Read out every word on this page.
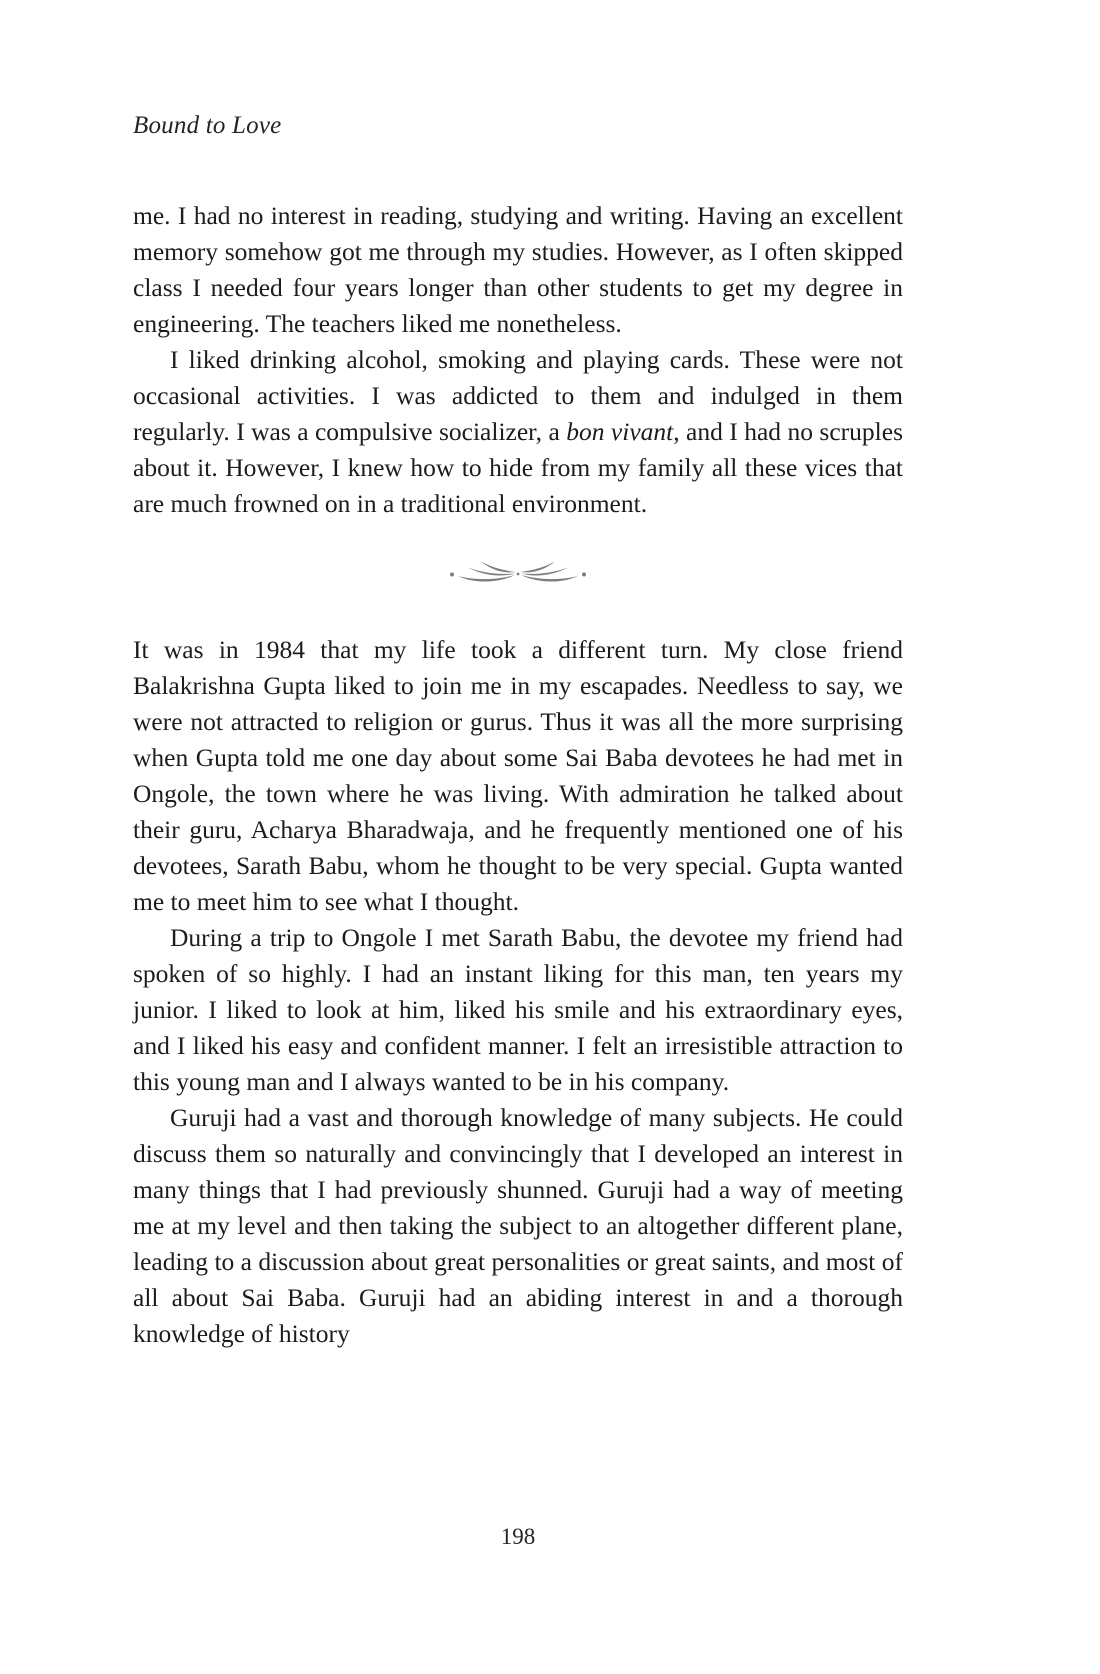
Bound to Love

me. I had no interest in reading, studying and writing. Having an excellent memory somehow got me through my studies. However, as I often skipped class I needed four years longer than other students to get my degree in engineering. The teachers liked me nonetheless.

I liked drinking alcohol, smoking and playing cards. These were not occasional activities. I was addicted to them and indulged in them regularly. I was a compulsive socializer, a bon vivant, and I had no scruples about it. However, I knew how to hide from my family all these vices that are much frowned on in a traditional environment.

It was in 1984 that my life took a different turn. My close friend Balakrishna Gupta liked to join me in my escapades. Needless to say, we were not attracted to religion or gurus. Thus it was all the more surprising when Gupta told me one day about some Sai Baba devotees he had met in Ongole, the town where he was living. With admiration he talked about their guru, Acharya Bharadwaja, and he frequently mentioned one of his devotees, Sarath Babu, whom he thought to be very special. Gupta wanted me to meet him to see what I thought.

During a trip to Ongole I met Sarath Babu, the devotee my friend had spoken of so highly. I had an instant liking for this man, ten years my junior. I liked to look at him, liked his smile and his extraordinary eyes, and I liked his easy and confident manner. I felt an irresistible attraction to this young man and I always wanted to be in his company.

Guruji had a vast and thorough knowledge of many subjects. He could discuss them so naturally and convincingly that I developed an interest in many things that I had previously shunned. Guruji had a way of meeting me at my level and then taking the subject to an altogether different plane, leading to a discussion about great personalities or great saints, and most of all about Sai Baba. Guruji had an abiding interest in and a thorough knowledge of history

198
